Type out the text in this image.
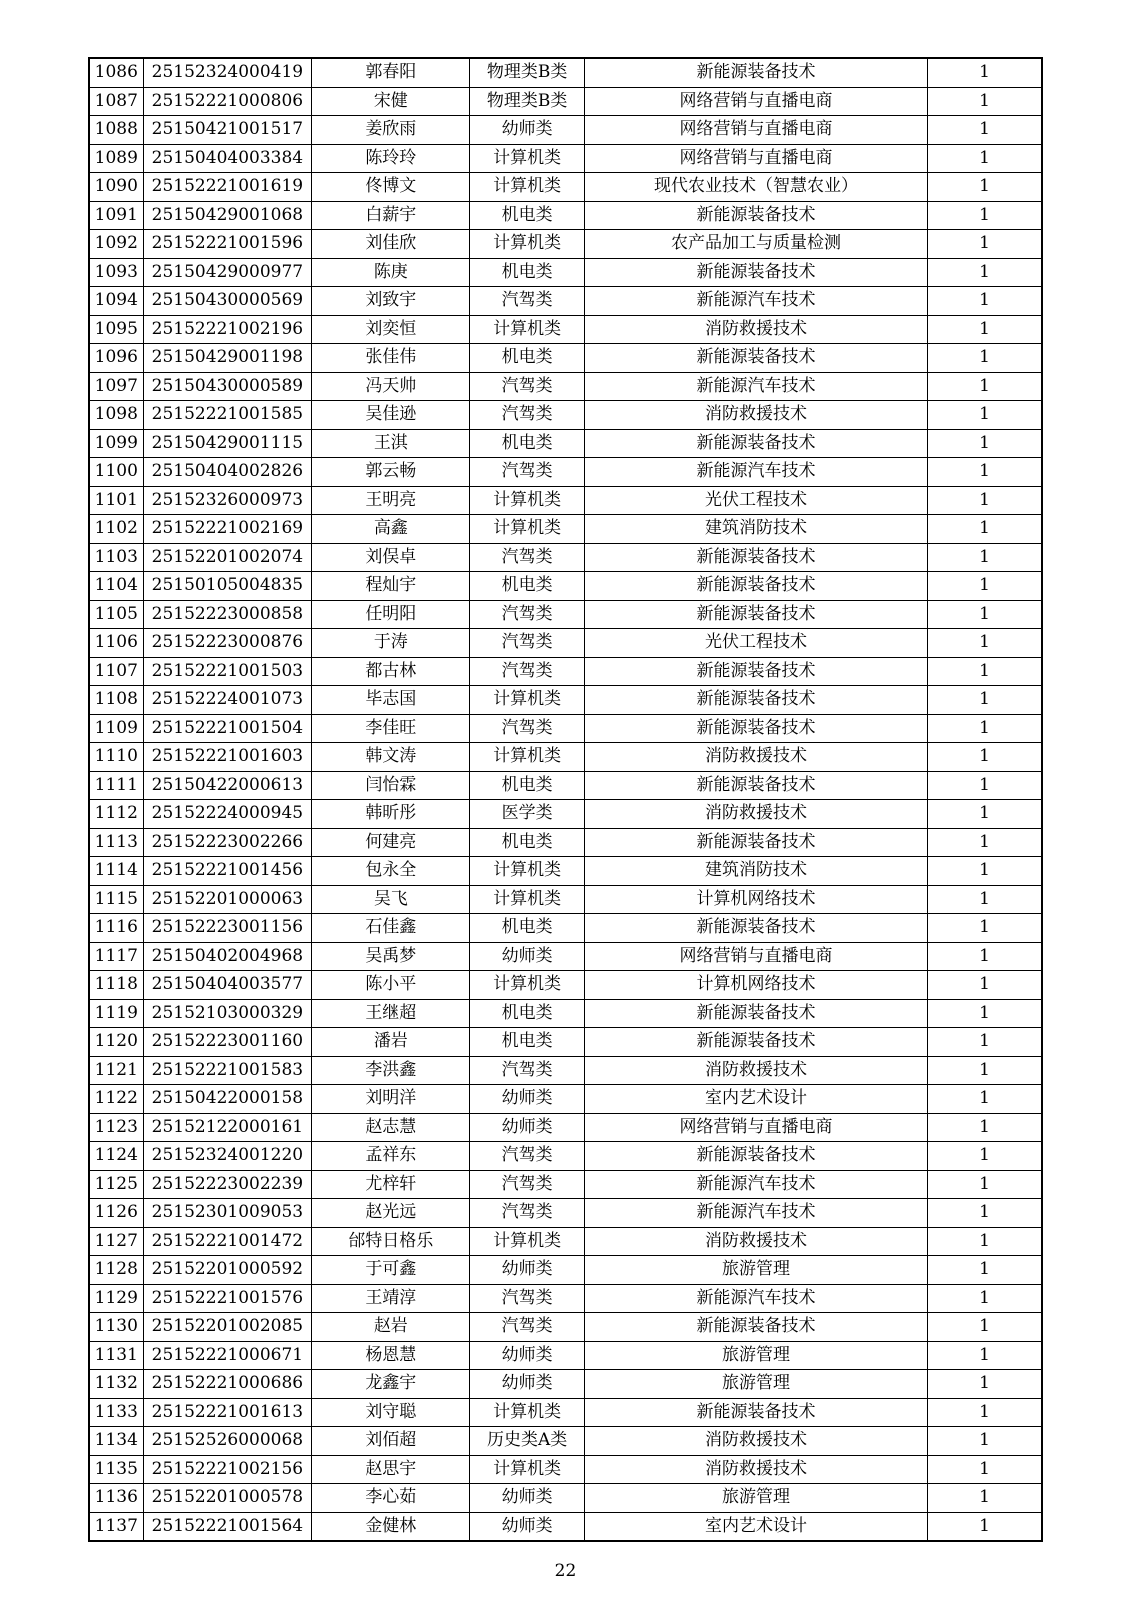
1086	25152324000419	郭春阳	物理类B类	新能源装备技术	1
1087	25152221000806	宋健	物理类B类	网络营销与直播电商	1
1088	25150421001517	姜欣雨	幼师类	网络营销与直播电商	1
1089	25150404003384	陈玲玲	计算机类	网络营销与直播电商	1
1090	25152221001619	佟博文	计算机类	现代农业技术（智慧农业）	1
1091	25150429001068	白薪宇	机电类	新能源装备技术	1
1092	25152221001596	刘佳欣	计算机类	农产品加工与质量检测	1
1093	25150429000977	陈庚	机电类	新能源装备技术	1
1094	25150430000569	刘致宇	汽驾类	新能源汽车技术	1
1095	25152221002196	刘奕恒	计算机类	消防救援技术	1
1096	25150429001198	张佳伟	机电类	新能源装备技术	1
1097	25150430000589	冯天帅	汽驾类	新能源汽车技术	1
1098	25152221001585	吴佳逊	汽驾类	消防救援技术	1
1099	25150429001115	王淇	机电类	新能源装备技术	1
1100	25150404002826	郭云畅	汽驾类	新能源汽车技术	1
1101	25152326000973	王明亮	计算机类	光伏工程技术	1
1102	25152221002169	高鑫	计算机类	建筑消防技术	1
1103	25152201002074	刘俣卓	汽驾类	新能源装备技术	1
1104	25150105004835	程灿宇	机电类	新能源装备技术	1
1105	25152223000858	任明阳	汽驾类	新能源装备技术	1
1106	25152223000876	于涛	汽驾类	光伏工程技术	1
1107	25152221001503	都古林	汽驾类	新能源装备技术	1
1108	25152224001073	毕志国	计算机类	新能源装备技术	1
1109	25152221001504	李佳旺	汽驾类	新能源装备技术	1
1110	25152221001603	韩文涛	计算机类	消防救援技术	1
1111	25150422000613	闫怡霖	机电类	新能源装备技术	1
1112	25152224000945	韩昕彤	医学类	消防救援技术	1
1113	25152223002266	何建亮	机电类	新能源装备技术	1
1114	25152221001456	包永全	计算机类	建筑消防技术	1
1115	25152201000063	吴飞	计算机类	计算机网络技术	1
1116	25152223001156	石佳鑫	机电类	新能源装备技术	1
1117	25150402004968	吴禹梦	幼师类	网络营销与直播电商	1
1118	25150404003577	陈小平	计算机类	计算机网络技术	1
1119	25152103000329	王继超	机电类	新能源装备技术	1
1120	25152223001160	潘岩	机电类	新能源装备技术	1
1121	25152221001583	李洪鑫	汽驾类	消防救援技术	1
1122	25150422000158	刘明洋	幼师类	室内艺术设计	1
1123	25152122000161	赵志慧	幼师类	网络营销与直播电商	1
1124	25152324001220	孟祥东	汽驾类	新能源装备技术	1
1125	25152223002239	尤梓轩	汽驾类	新能源汽车技术	1
1126	25152301009053	赵光远	汽驾类	新能源汽车技术	1
1127	25152221001472	邰特日格乐	计算机类	消防救援技术	1
1128	25152201000592	于可鑫	幼师类	旅游管理	1
1129	25152221001576	王靖淳	汽驾类	新能源汽车技术	1
1130	25152201002085	赵岩	汽驾类	新能源装备技术	1
1131	25152221000671	杨恩慧	幼师类	旅游管理	1
1132	25152221000686	龙鑫宇	幼师类	旅游管理	1
1133	25152221001613	刘守聪	计算机类	新能源装备技术	1
1134	25152526000068	刘佰超	历史类A类	消防救援技术	1
1135	25152221002156	赵思宇	计算机类	消防救援技术	1
1136	25152201000578	李心茹	幼师类	旅游管理	1
1137	25152221001564	金健林	幼师类	室内艺术设计	1
22
